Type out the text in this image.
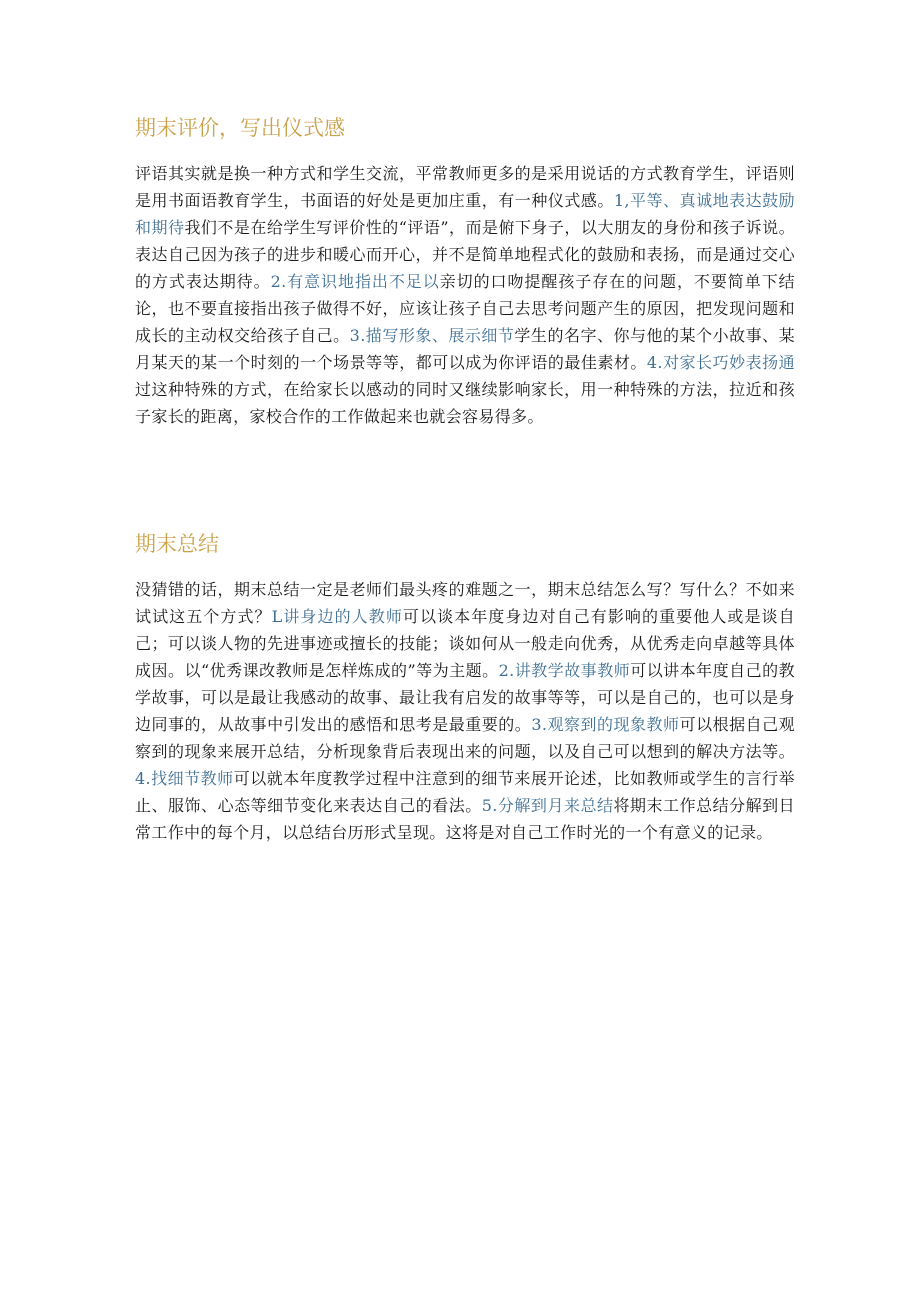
期末评价，写出仪式感

评语其实就是换一种方式和学生交流，平常教师更多的是采用说话的方式教育学生，评语则是用书面语教育学生，书面语的好处是更加庄重，有一种仪式感。1,平等、真诚地表达鼓励和期待我们不是在给学生写评价性的“评语”，而是俯下身子，以大朋友的身份和孩子诉说。表达自己因为孩子的进步和暖心而开心，并不是简单地程式化的鼓励和表扬，而是通过交心的方式表达期待。2.有意识地指出不足以亲切的口吻提醒孩子存在的问题，不要简单下结论，也不要直接指出孩子做得不好，应该让孩子自己去思考问题产生的原因，把发现问题和成长的主动权交给孩子自己。3.描写形象、展示细节学生的名字、你与他的某个小故事、某月某天的某一个时刻的一个场景等等，都可以成为你评语的最佳素材。4.对家长巧妙表扬通过这种特殊的方式，在给家长以感动的同时又继续影响家长，用一种特殊的方法，拉近和孩子家长的距离，家校合作的工作做起来也就会容易得多。

期末总结

没猜错的话，期末总结一定是老师们最头疼的难题之一，期末总结怎么写？写什么？不如来试试这五个方式？L讲身边的人教师可以谈本年度身边对自己有影响的重要他人或是谈自己；可以谈人物的先进事迹或擅长的技能；谈如何从一般走向优秀，从优秀走向卓越等具体成因。以“优秀课改教师是怎样炼成的”等为主题。2.讲教学故事教师可以讲本年度自己的教学故事，可以是最让我感动的故事、最让我有启发的故事等等，可以是自己的，也可以是身边同事的，从故事中引发出的感悟和思考是最重要的。3.观察到的现象教师可以根据自己观察到的现象来展开总结，分析现象背后表现出来的问题，以及自己可以想到的解决方法等。4.找细节教师可以就本年度教学过程中注意到的细节来展开论述，比如教师或学生的言行举止、服饰、心态等细节变化来表达自己的看法。5.分解到月来总结将期末工作总结分解到日常工作中的每个月，以总结台历形式呈现。这将是对自己工作时光的一个有意义的记录。
